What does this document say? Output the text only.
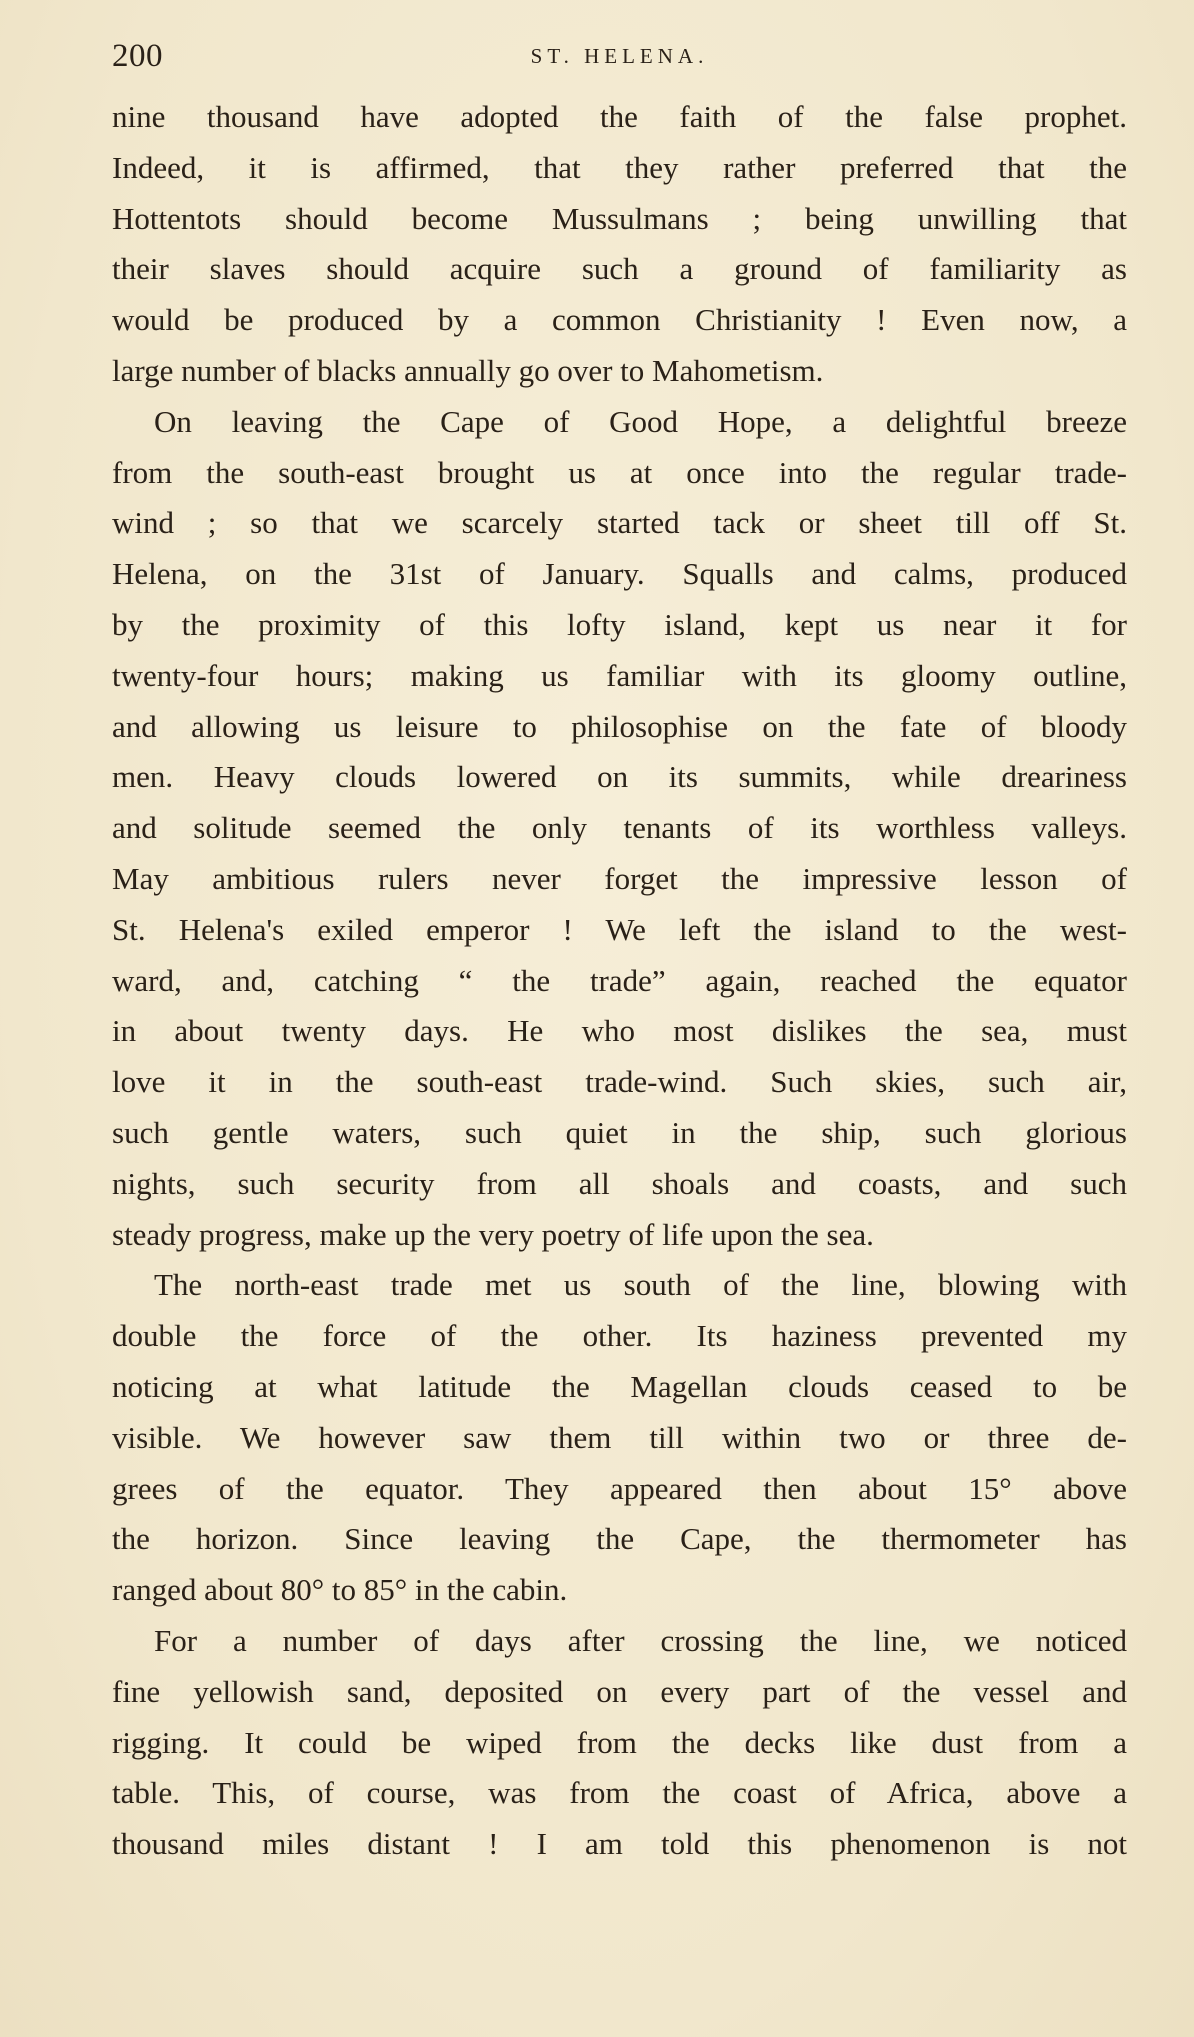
200	ST. HELENA.
nine thousand have adopted the faith of the false prophet.
Indeed, it is affirmed, that they rather preferred that the
Hottentots should become Mussulmans ; being unwilling that
their slaves should acquire such a ground of familiarity as
would be produced by a common Christianity ! Even now, a
large number of blacks annually go over to Mahometism.
On leaving the Cape of Good Hope, a delightful breeze
from the south-east brought us at once into the regular trade-
wind ; so that we scarcely started tack or sheet till off St.
Helena, on the 31st of January. Squalls and calms, produced
by the proximity of this lofty island, kept us near it for
twenty-four hours; making us familiar with its gloomy outline,
and allowing us leisure to philosophise on the fate of bloody
men. Heavy clouds lowered on its summits, while dreariness
and solitude seemed the only tenants of its worthless valleys.
May ambitious rulers never forget the impressive lesson of
St. Helena's exiled emperor ! We left the island to the west-
ward, and, catching “ the trade” again, reached the equator
in about twenty days. He who most dislikes the sea, must
love it in the south-east trade-wind. Such skies, such air,
such gentle waters, such quiet in the ship, such glorious
nights, such security from all shoals and coasts, and such
steady progress, make up the very poetry of life upon the sea.
The north-east trade met us south of the line, blowing with
double the force of the other. Its haziness prevented my
noticing at what latitude the Magellan clouds ceased to be
visible. We however saw them till within two or three de-
grees of the equator. They appeared then about 15° above
the horizon. Since leaving the Cape, the thermometer has
ranged about 80° to 85° in the cabin.
For a number of days after crossing the line, we noticed
fine yellowish sand, deposited on every part of the vessel and
rigging. It could be wiped from the decks like dust from a
table. This, of course, was from the coast of Africa, above a
thousand miles distant ! I am told this phenomenon is not
